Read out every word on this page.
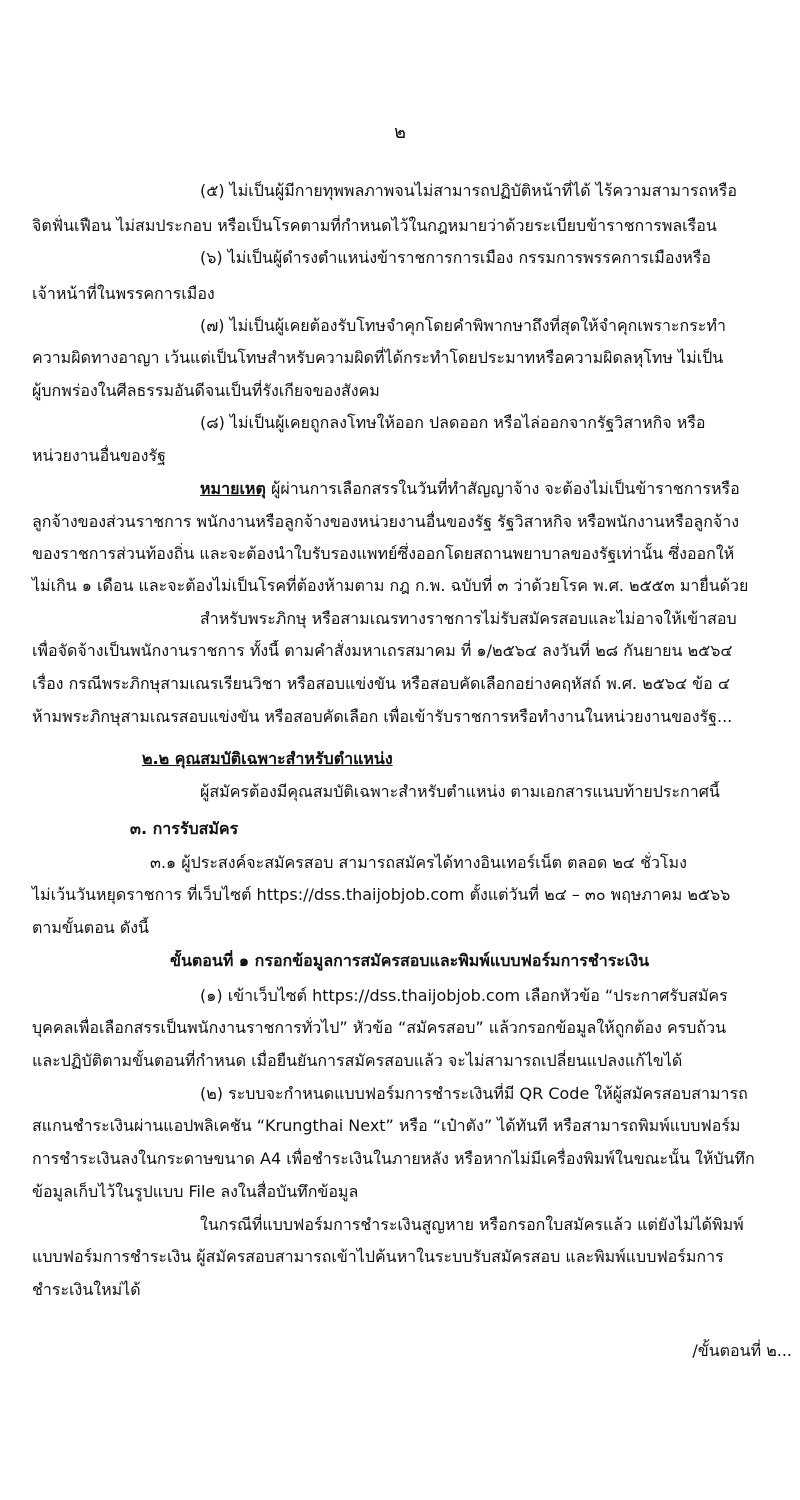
๒
(๕) ไม่เป็นผู้มีกายทุพพลภาพจนไม่สามารถปฏิบัติหน้าที่ได้ ไร้ความสามารถหรือ
จิตฟั่นเฟือน ไม่สมประกอบ หรือเป็นโรคตามที่กำหนดไว้ในกฎหมายว่าด้วยระเบียบข้าราชการพลเรือน
(๖) ไม่เป็นผู้ดำรงตำแหน่งข้าราชการการเมือง กรรมการพรรคการเมืองหรือ
เจ้าหน้าที่ในพรรคการเมือง
(๗) ไม่เป็นผู้เคยต้องรับโทษจำคุกโดยคำพิพากษาถึงที่สุดให้จำคุกเพราะกระทำ
ความผิดทางอาญา เว้นแต่เป็นโทษสำหรับความผิดที่ได้กระทำโดยประมาทหรือความผิดลหุโทษ ไม่เป็น
ผู้บกพร่องในศีลธรรมอันดีจนเป็นที่รังเกียจของสังคม
(๘) ไม่เป็นผู้เคยถูกลงโทษให้ออก ปลดออก หรือไล่ออกจากรัฐวิสาหกิจ หรือ
หน่วยงานอื่นของรัฐ
หมายเหตุ ผู้ผ่านการเลือกสรรในวันที่ทำสัญญาจ้าง จะต้องไม่เป็นข้าราชการหรือ
ลูกจ้างของส่วนราชการ พนักงานหรือลูกจ้างของหน่วยงานอื่นของรัฐ รัฐวิสาหกิจ หรือพนักงานหรือลูกจ้าง
ของราชการส่วนท้องถิ่น และจะต้องนำใบรับรองแพทย์ซึ่งออกโดยสถานพยาบาลของรัฐเท่านั้น ซึ่งออกให้
ไม่เกิน ๑ เดือน และจะต้องไม่เป็นโรคที่ต้องห้ามตาม กฎ ก.พ. ฉบับที่ ๓ ว่าด้วยโรค พ.ศ. ๒๕๕๓ มายื่นด้วย
สำหรับพระภิกษุ หรือสามเณรทางราชการไม่รับสมัครสอบและไม่อาจให้เข้าสอบ
เพื่อจัดจ้างเป็นพนักงานราชการ ทั้งนี้ ตามคำสั่งมหาเถรสมาคม ที่ ๑/๒๕๖๔ ลงวันที่ ๒๘ กันยายน ๒๕๖๔
เรื่อง กรณีพระภิกษุสามเณรเรียนวิชา หรือสอบแข่งขัน หรือสอบคัดเลือกอย่างคฤหัสถ์ พ.ศ. ๒๕๖๔ ข้อ ๔
ห้ามพระภิกษุสามเณรสอบแข่งขัน หรือสอบคัดเลือก เพื่อเข้ารับราชการหรือทำงานในหน่วยงานของรัฐ...
๒.๒ คุณสมบัติเฉพาะสำหรับตำแหน่ง
ผู้สมัครต้องมีคุณสมบัติเฉพาะสำหรับตำแหน่ง ตามเอกสารแนบท้ายประกาศนี้
๓. การรับสมัคร
๓.๑ ผู้ประสงค์จะสมัครสอบ สามารถสมัครได้ทางอินเทอร์เน็ต ตลอด ๒๔ ชั่วโมง
ไม่เว้นวันหยุดราชการ ที่เว็บไซต์ https://dss.thaijobjob.com ตั้งแต่วันที่ ๒๔ – ๓๐ พฤษภาคม ๒๕๖๖
ตามขั้นตอน ดังนี้
ขั้นตอนที่ ๑ กรอกข้อมูลการสมัครสอบและพิมพ์แบบฟอร์มการชำระเงิน
(๑) เข้าเว็บไซต์ https://dss.thaijobjob.com เลือกหัวข้อ “ประกาศรับสมัคร
บุคคลเพื่อเลือกสรรเป็นพนักงานราชการทั่วไป” หัวข้อ “สมัครสอบ” แล้วกรอกข้อมูลให้ถูกต้อง ครบถ้วน
และปฏิบัติตามขั้นตอนที่กำหนด เมื่อยืนยันการสมัครสอบแล้ว จะไม่สามารถเปลี่ยนแปลงแก้ไขได้
(๒) ระบบจะกำหนดแบบฟอร์มการชำระเงินที่มี QR Code ให้ผู้สมัครสอบสามารถ
สแกนชำระเงินผ่านแอปพลิเคชัน “Krungthai Next” หรือ “เป๋าตัง” ได้ทันที หรือสามารถพิมพ์แบบฟอร์ม
การชำระเงินลงในกระดาษขนาด A4 เพื่อชำระเงินในภายหลัง หรือหากไม่มีเครื่องพิมพ์ในขณะนั้น ให้บันทึก
ข้อมูลเก็บไว้ในรูปแบบ File ลงในสื่อบันทึกข้อมูล
ในกรณีที่แบบฟอร์มการชำระเงินสูญหาย หรือกรอกใบสมัครแล้ว แต่ยังไม่ได้พิมพ์
แบบฟอร์มการชำระเงิน ผู้สมัครสอบสามารถเข้าไปค้นหาในระบบรับสมัครสอบ และพิมพ์แบบฟอร์มการ
ชำระเงินใหม่ได้
/ขั้นตอนที่ ๒...
